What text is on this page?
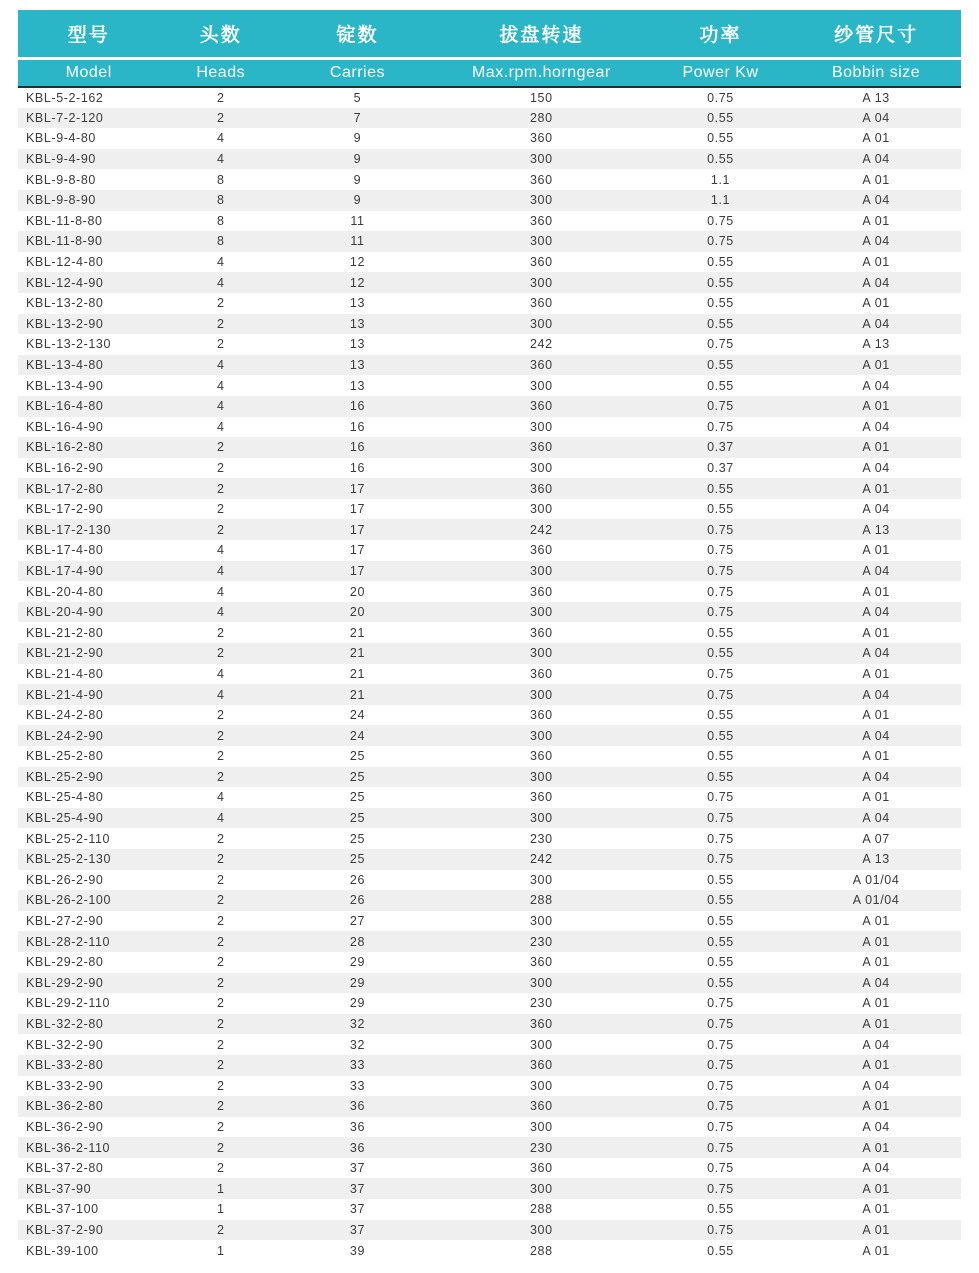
型号	头数	锭数	拔盘转速	功率	纱管尺寸
Model	Heads	Carries	Max.rpm.horngear	Power Kw	Bobbin size
KBL-5-2-162	2	5	150	0.75	A 13
KBL-7-2-120	2	7	280	0.55	A 04
KBL-9-4-80	4	9	360	0.55	A 01
KBL-9-4-90	4	9	300	0.55	A 04
KBL-9-8-80	8	9	360	1.1	A 01
KBL-9-8-90	8	9	300	1.1	A 04
KBL-11-8-80	8	11	360	0.75	A 01
KBL-11-8-90	8	11	300	0.75	A 04
KBL-12-4-80	4	12	360	0.55	A 01
KBL-12-4-90	4	12	300	0.55	A 04
KBL-13-2-80	2	13	360	0.55	A 01
KBL-13-2-90	2	13	300	0.55	A 04
KBL-13-2-130	2	13	242	0.75	A 13
KBL-13-4-80	4	13	360	0.55	A 01
KBL-13-4-90	4	13	300	0.55	A 04
KBL-16-4-80	4	16	360	0.75	A 01
KBL-16-4-90	4	16	300	0.75	A 04
KBL-16-2-80	2	16	360	0.37	A 01
KBL-16-2-90	2	16	300	0.37	A 04
KBL-17-2-80	2	17	360	0.55	A 01
KBL-17-2-90	2	17	300	0.55	A 04
KBL-17-2-130	2	17	242	0.75	A 13
KBL-17-4-80	4	17	360	0.75	A 01
KBL-17-4-90	4	17	300	0.75	A 04
KBL-20-4-80	4	20	360	0.75	A 01
KBL-20-4-90	4	20	300	0.75	A 04
KBL-21-2-80	2	21	360	0.55	A 01
KBL-21-2-90	2	21	300	0.55	A 04
KBL-21-4-80	4	21	360	0.75	A 01
KBL-21-4-90	4	21	300	0.75	A 04
KBL-24-2-80	2	24	360	0.55	A 01
KBL-24-2-90	2	24	300	0.55	A 04
KBL-25-2-80	2	25	360	0.55	A 01
KBL-25-2-90	2	25	300	0.55	A 04
KBL-25-4-80	4	25	360	0.75	A 01
KBL-25-4-90	4	25	300	0.75	A 04
KBL-25-2-110	2	25	230	0.75	A 07
KBL-25-2-130	2	25	242	0.75	A 13
KBL-26-2-90	2	26	300	0.55	A 01/04
KBL-26-2-100	2	26	288	0.55	A 01/04
KBL-27-2-90	2	27	300	0.55	A 01
KBL-28-2-110	2	28	230	0.55	A 01
KBL-29-2-80	2	29	360	0.55	A 01
KBL-29-2-90	2	29	300	0.55	A 04
KBL-29-2-110	2	29	230	0.75	A 01
KBL-32-2-80	2	32	360	0.75	A 01
KBL-32-2-90	2	32	300	0.75	A 04
KBL-33-2-80	2	33	360	0.75	A 01
KBL-33-2-90	2	33	300	0.75	A 04
KBL-36-2-80	2	36	360	0.75	A 01
KBL-36-2-90	2	36	300	0.75	A 04
KBL-36-2-110	2	36	230	0.75	A 01
KBL-37-2-80	2	37	360	0.75	A 04
KBL-37-90	1	37	300	0.75	A 01
KBL-37-100	1	37	288	0.55	A 01
KBL-37-2-90	2	37	300	0.75	A 01
KBL-39-100	1	39	288	0.55	A 01
